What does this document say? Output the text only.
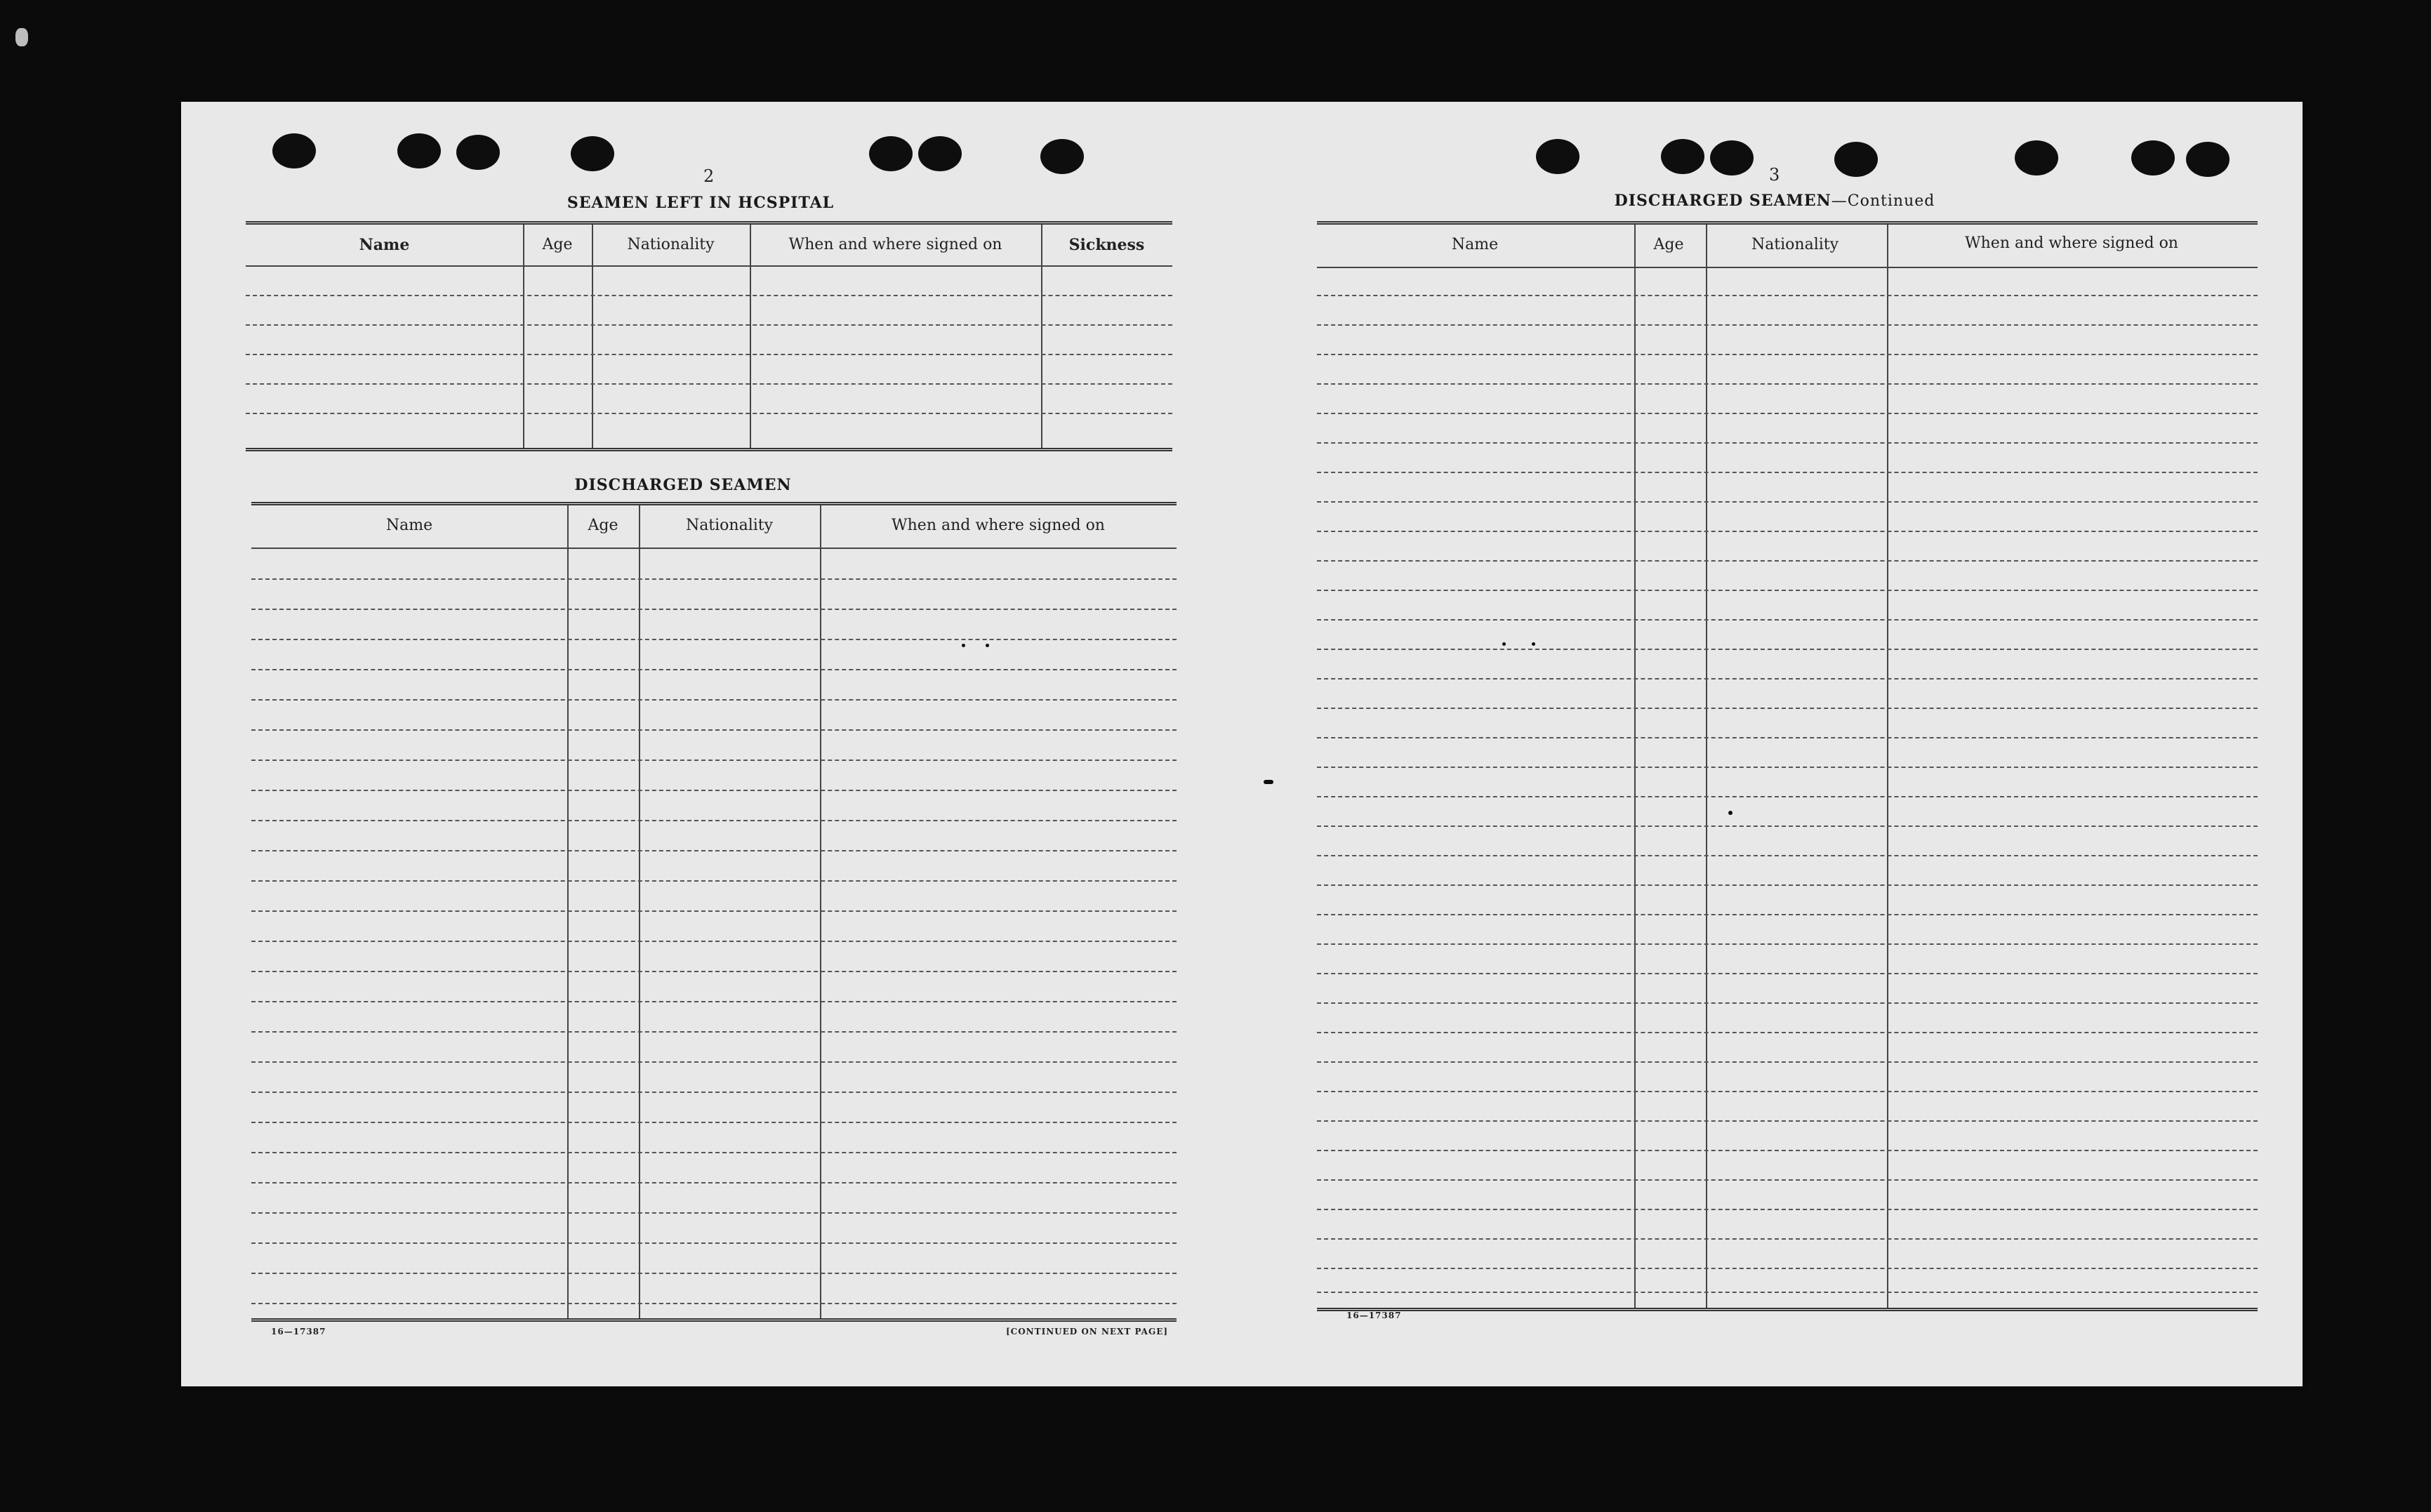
2
SEAMEN LEFT IN HCSPITAL
Name	Age	Nationality	When and where signed on	Sickness
DISCHARGED SEAMEN
Name	Age	Nationality	When and where signed on
16—17387	[CONTINUED ON NEXT PAGE]
3
DISCHARGED SEAMEN—Continued
Name	Age	Nationality	When and where signed on
16—17387
